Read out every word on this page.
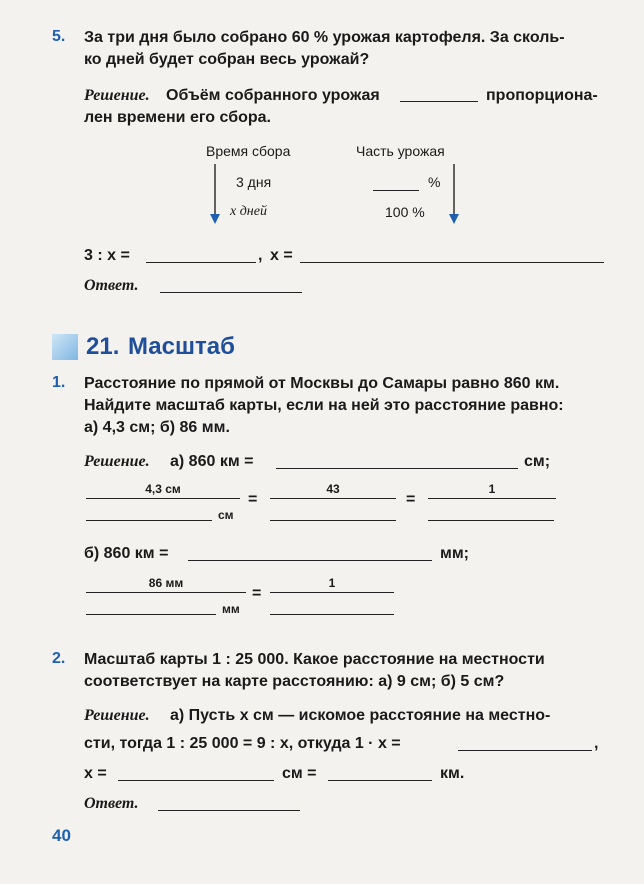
5. За три дня было собрано 60 % урожая картофеля. За сколь-
ко дней будет собран весь урожай?
Решение. Объём собранного урожая	пропорциона-
лен времени его сбора.
Время сбора	Часть урожая
3 дня	%
x дней	100 %
3 : x =	, x =
Ответ.
21. Масштаб
1. Расстояние по прямой от Москвы до Самары равно 860 км.
Найдите масштаб карты, если на ней это расстояние равно:
а) 4,3 см; б) 86 мм.
Решение. а) 860 км =	см;
4,3 см
см
=
43
=
1
б) 860 км =	мм;
86 мм
мм
=
1
2. Масштаб карты 1 : 25 000. Какое расстояние на местности
соответствует на карте расстоянию: а) 9 см; б) 5 см?
Решение. а) Пусть x см — искомое расстояние на местно-
сти, тогда 1 : 25 000 = 9 : x, откуда 1 · x =	,
x =	см =	км.
Ответ.
40
